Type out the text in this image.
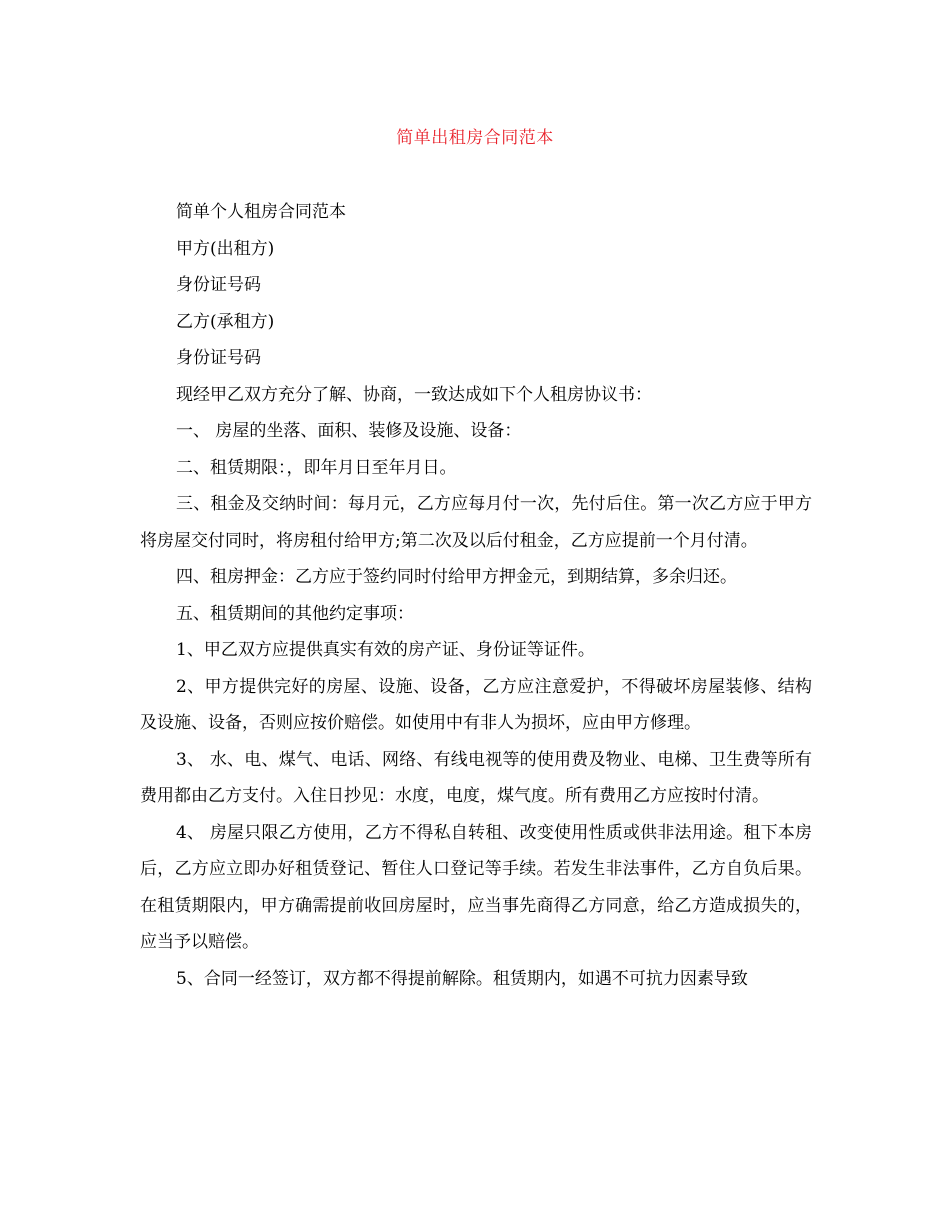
简单出租房合同范本

简单个人租房合同范本

甲方(出租方)

身份证号码

乙方(承租方)

身份证号码

现经甲乙双方充分了解、协商，一致达成如下个人租房协议书：

一、 房屋的坐落、面积、装修及设施、设备：

二、租赁期限：，即年月日至年月日。

三、租金及交纳时间：每月元，乙方应每月付一次，先付后住。第一次乙方应于甲方将房屋交付同时，将房租付给甲方;第二次及以后付租金，乙方应提前一个月付清。

四、租房押金：乙方应于签约同时付给甲方押金元，到期结算，多余归还。

五、租赁期间的其他约定事项：

1、甲乙双方应提供真实有效的房产证、身份证等证件。

2、甲方提供完好的房屋、设施、设备，乙方应注意爱护，不得破坏房屋装修、结构及设施、设备，否则应按价赔偿。如使用中有非人为损坏，应由甲方修理。

3、 水、电、煤气、电话、网络、有线电视等的使用费及物业、电梯、卫生费等所有费用都由乙方支付。入住日抄见：水度，电度，煤气度。所有费用乙方应按时付清。

4、 房屋只限乙方使用，乙方不得私自转租、改变使用性质或供非法用途。租下本房后，乙方应立即办好租赁登记、暂住人口登记等手续。若发生非法事件，乙方自负后果。在租赁期限内，甲方确需提前收回房屋时，应当事先商得乙方同意，给乙方造成损失的，应当予以赔偿。

5、合同一经签订，双方都不得提前解除。租赁期内，如遇不可抗力因素导致
